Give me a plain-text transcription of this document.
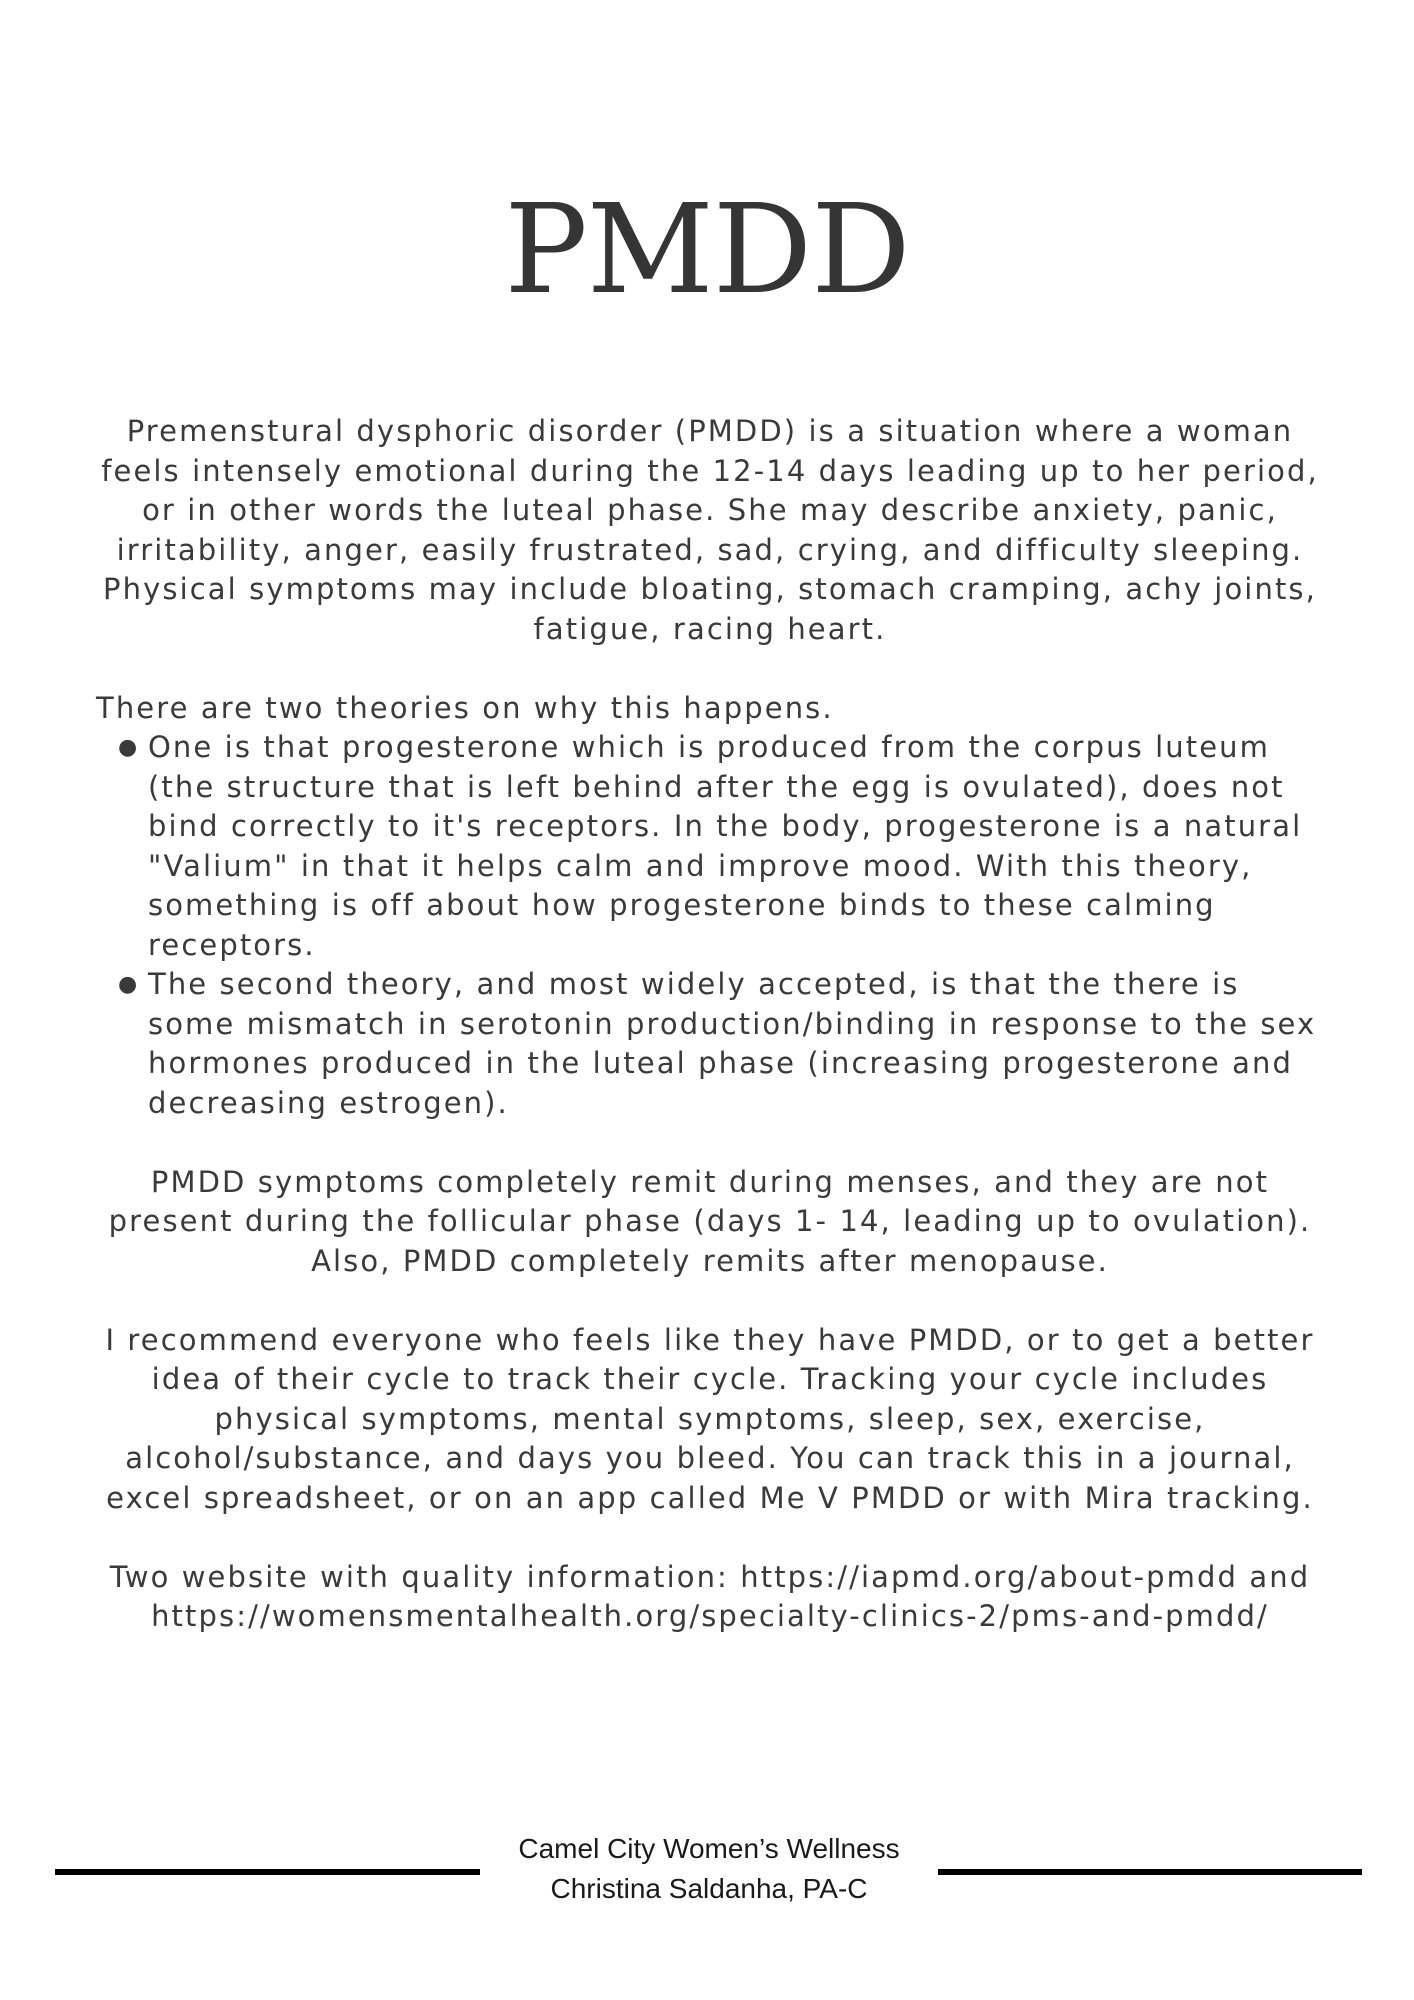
PMDD

Premenstural dysphoric disorder (PMDD) is a situation where a woman feels intensely emotional during the 12-14 days leading up to her period, or in other words the luteal phase. She may describe anxiety, panic, irritability, anger, easily frustrated, sad, crying, and difficulty sleeping. Physical symptoms may include bloating, stomach cramping, achy joints, fatigue, racing heart.

There are two theories on why this happens.

● One is that progesterone which is produced from the corpus luteum (the structure that is left behind after the egg is ovulated), does not bind correctly to it's receptors. In the body, progesterone is a natural "Valium" in that it helps calm and improve mood. With this theory, something is off about how progesterone binds to these calming receptors.
● The second theory, and most widely accepted, is that the there is some mismatch in serotonin production/binding in response to the sex hormones produced in the luteal phase (increasing progesterone and decreasing estrogen).

PMDD symptoms completely remit during menses, and they are not present during the follicular phase (days 1- 14, leading up to ovulation). Also, PMDD completely remits after menopause.

I recommend everyone who feels like they have PMDD, or to get a better idea of their cycle to track their cycle. Tracking your cycle includes physical symptoms, mental symptoms, sleep, sex, exercise, alcohol/substance, and days you bleed. You can track this in a journal, excel spreadsheet, or on an app called Me V PMDD or with Mira tracking.

Two website with quality information: https://iapmd.org/about-pmdd and https://womensmentalhealth.org/specialty-clinics-2/pms-and-pmdd/

Camel City Women’s Wellness
Christina Saldanha, PA-C
